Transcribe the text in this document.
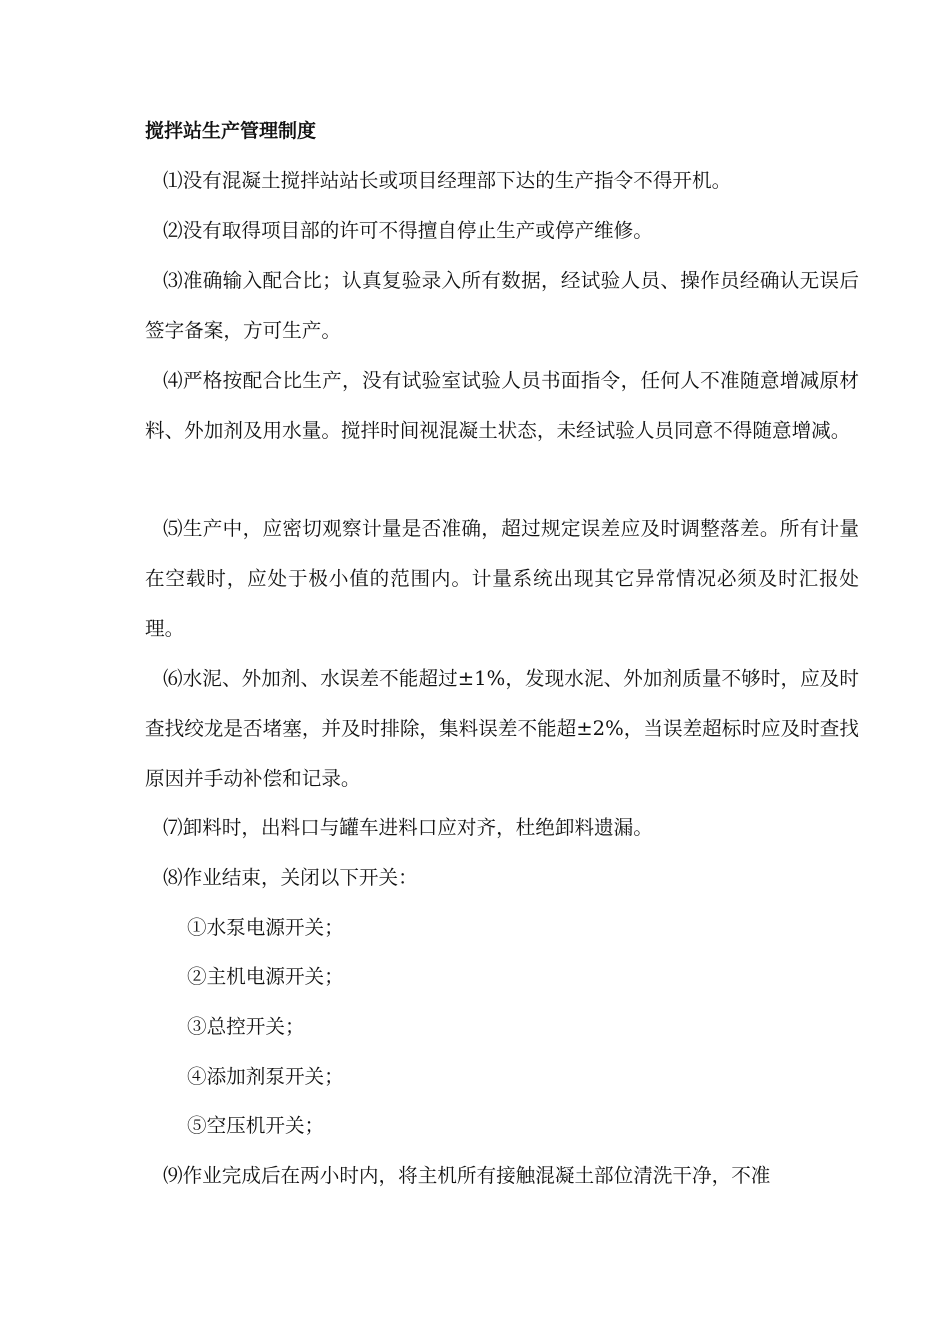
搅拌站生产管理制度

⑴没有混凝土搅拌站站长或项目经理部下达的生产指令不得开机。

⑵没有取得项目部的许可不得擅自停止生产或停产维修。

⑶准确输入配合比；认真复验录入所有数据，经试验人员、操作员经确认无误后签字备案，方可生产。

⑷严格按配合比生产，没有试验室试验人员书面指令，任何人不准随意增减原材料、外加剂及用水量。搅拌时间视混凝土状态，未经试验人员同意不得随意增减。

⑸生产中，应密切观察计量是否准确，超过规定误差应及时调整落差。所有计量在空载时，应处于极小值的范围内。计量系统出现其它异常情况必须及时汇报处理。

⑹水泥、外加剂、水误差不能超过±1%，发现水泥、外加剂质量不够时，应及时查找绞龙是否堵塞，并及时排除，集料误差不能超±2%，当误差超标时应及时查找原因并手动补偿和记录。

⑺卸料时，出料口与罐车进料口应对齐，杜绝卸料遗漏。

⑻作业结束，关闭以下开关：

①水泵电源开关；

②主机电源开关；

③总控开关；

④添加剂泵开关；

⑤空压机开关；

⑼作业完成后在两小时内，将主机所有接触混凝土部位清洗干净，不准
